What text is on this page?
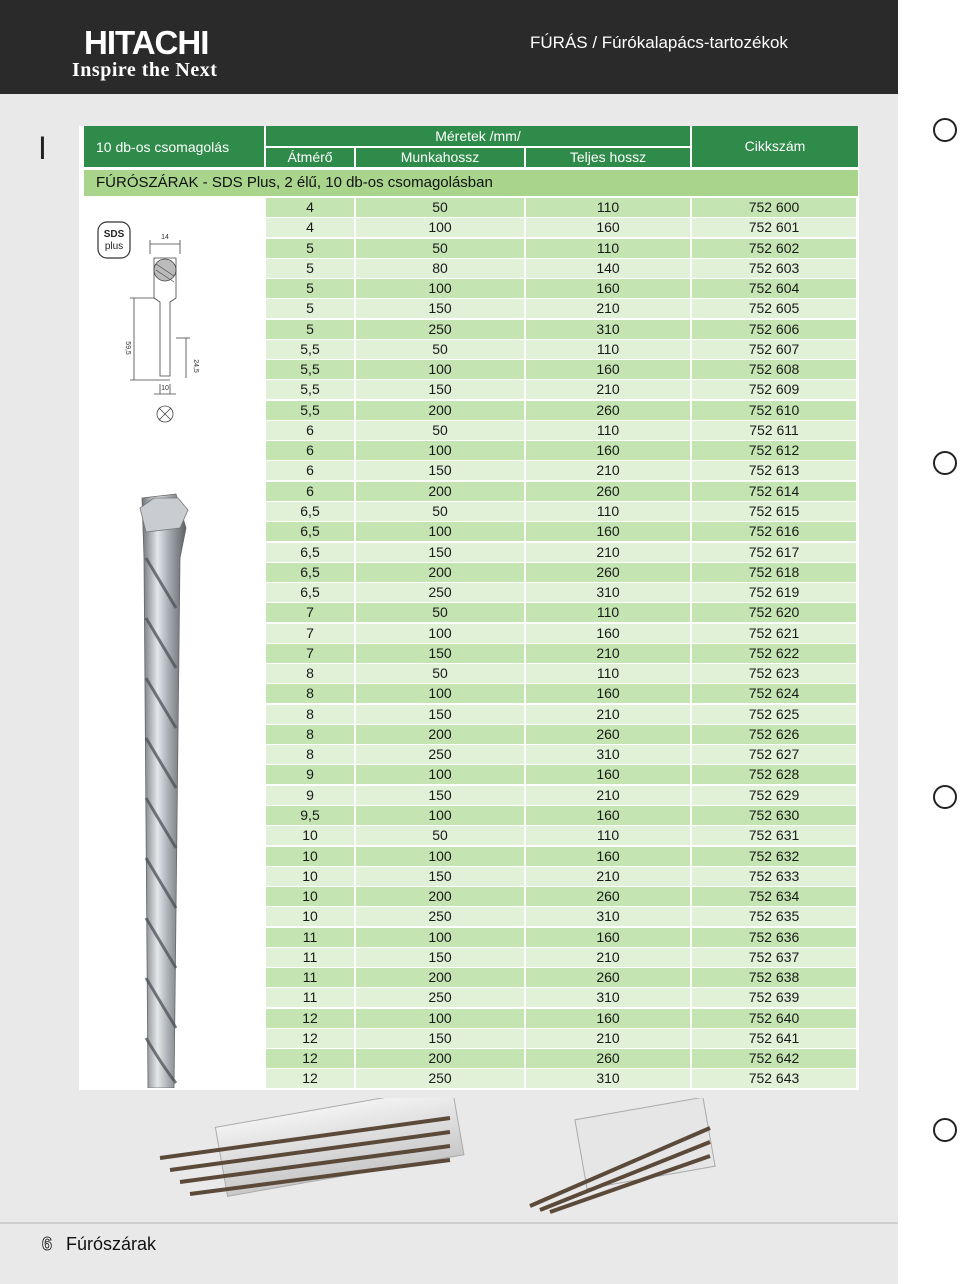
HITACHI
Inspire the Next
FÚRÁS / Fúrókalapács-tartozékok
I	10 db-os csomagolás
Méretek /mm/
Átmérő	Munkahossz	Teljes hossz
Cikkszám
FÚRÓSZÁRAK - SDS Plus, 2 élű, 10 db-os csomagolásban
SDS
plus
14
59,5
24,5
10
4	50	110	752 600
4	100	160	752 601
5	50	110	752 602
5	80	140	752 603
5	100	160	752 604
5	150	210	752 605
5	250	310	752 606
5,5	50	110	752 607
5,5	100	160	752 608
5,5	150	210	752 609
5,5	200	260	752 610
6	50	110	752 611
6	100	160	752 612
6	150	210	752 613
6	200	260	752 614
6,5	50	110	752 615
6,5	100	160	752 616
6,5	150	210	752 617
6,5	200	260	752 618
6,5	250	310	752 619
7	50	110	752 620
7	100	160	752 621
7	150	210	752 622
8	50	110	752 623
8	100	160	752 624
8	150	210	752 625
8	200	260	752 626
8	250	310	752 627
9	100	160	752 628
9	150	210	752 629
9,5	100	160	752 630
10	50	110	752 631
10	100	160	752 632
10	150	210	752 633
10	200	260	752 634
10	250	310	752 635
11	100	160	752 636
11	150	210	752 637
11	200	260	752 638
11	250	310	752 639
12	100	160	752 640
12	150	210	752 641
12	200	260	752 642
12	250	310	752 643
6 Fúrószárak
